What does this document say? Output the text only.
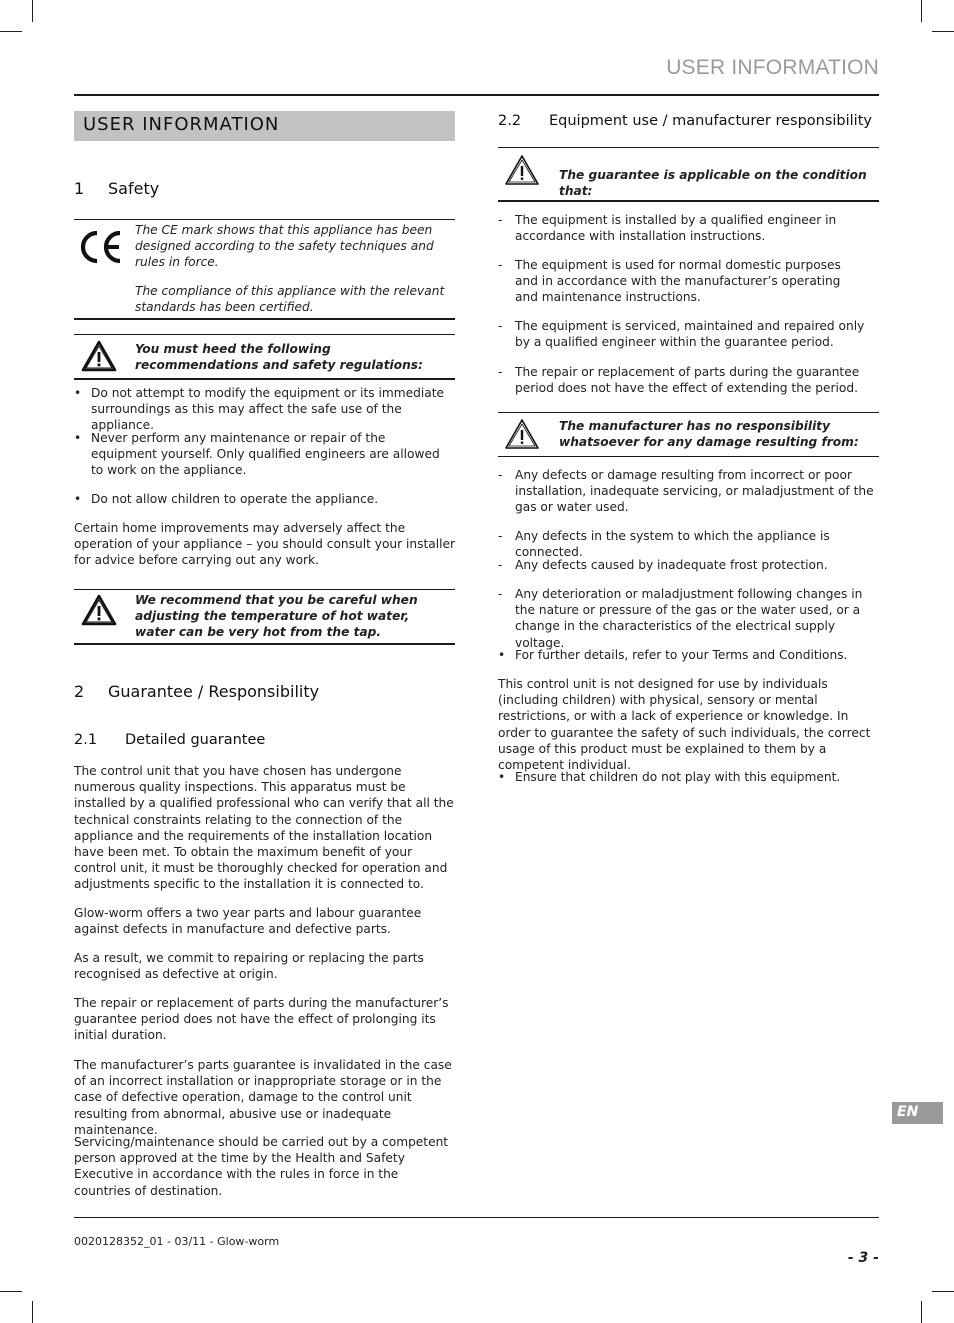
USER INFORMATION
USER INFORMATION
1 Safety
The CE mark shows that this appliance has been designed according to the safety techniques and rules in force.
The compliance of this appliance with the relevant standards has been certified.
You must heed the following recommendations and safety regulations:
• Do not attempt to modify the equipment or its immediate surroundings as this may affect the safe use of the appliance.
• Never perform any maintenance or repair of the equipment yourself. Only qualified engineers are allowed to work on the appliance.
• Do not allow children to operate the appliance.
Certain home improvements may adversely affect the operation of your appliance – you should consult your installer for advice before carrying out any work.
We recommend that you be careful when adjusting the temperature of hot water, water can be very hot from the tap.
2 Guarantee / Responsibility
2.1 Detailed guarantee
The control unit that you have chosen has undergone numerous quality inspections. This apparatus must be installed by a qualified professional who can verify that all the technical constraints relating to the connection of the appliance and the requirements of the installation location have been met. To obtain the maximum benefit of your control unit, it must be thoroughly checked for operation and adjustments specific to the installation it is connected to.
Glow-worm offers a two year parts and labour guarantee against defects in manufacture and defective parts.
As a result, we commit to repairing or replacing the parts recognised as defective at origin.
The repair or replacement of parts during the manufacturer’s guarantee period does not have the effect of prolonging its initial duration.
The manufacturer’s parts guarantee is invalidated in the case of an incorrect installation or inappropriate storage or in the case of defective operation, damage to the control unit resulting from abnormal, abusive use or inadequate maintenance.
Servicing/maintenance should be carried out by a competent person approved at the time by the Health and Safety Executive in accordance with the rules in force in the countries of destination.
2.2 Equipment use / manufacturer responsibility
The guarantee is applicable on the condition that:
- The equipment is installed by a qualified engineer in accordance with installation instructions.
- The equipment is used for normal domestic purposes and in accordance with the manufacturer’s operating and maintenance instructions.
- The equipment is serviced, maintained and repaired only by a qualified engineer within the guarantee period.
- The repair or replacement of parts during the guarantee period does not have the effect of extending the period.
The manufacturer has no responsibility whatsoever for any damage resulting from:
- Any defects or damage resulting from incorrect or poor installation, inadequate servicing, or maladjustment of the gas or water used.
- Any defects in the system to which the appliance is connected.
- Any defects caused by inadequate frost protection.
- Any deterioration or maladjustment following changes in the nature or pressure of the gas or the water used, or a change in the characteristics of the electrical supply voltage.
• For further details, refer to your Terms and Conditions.
This control unit is not designed for use by individuals (including children) with physical, sensory or mental restrictions, or with a lack of experience or knowledge. In order to guarantee the safety of such individuals, the correct usage of this product must be explained to them by a competent individual.
• Ensure that children do not play with this equipment.
EN
0020128352_01 - 03/11 - Glow-worm
- 3 -
